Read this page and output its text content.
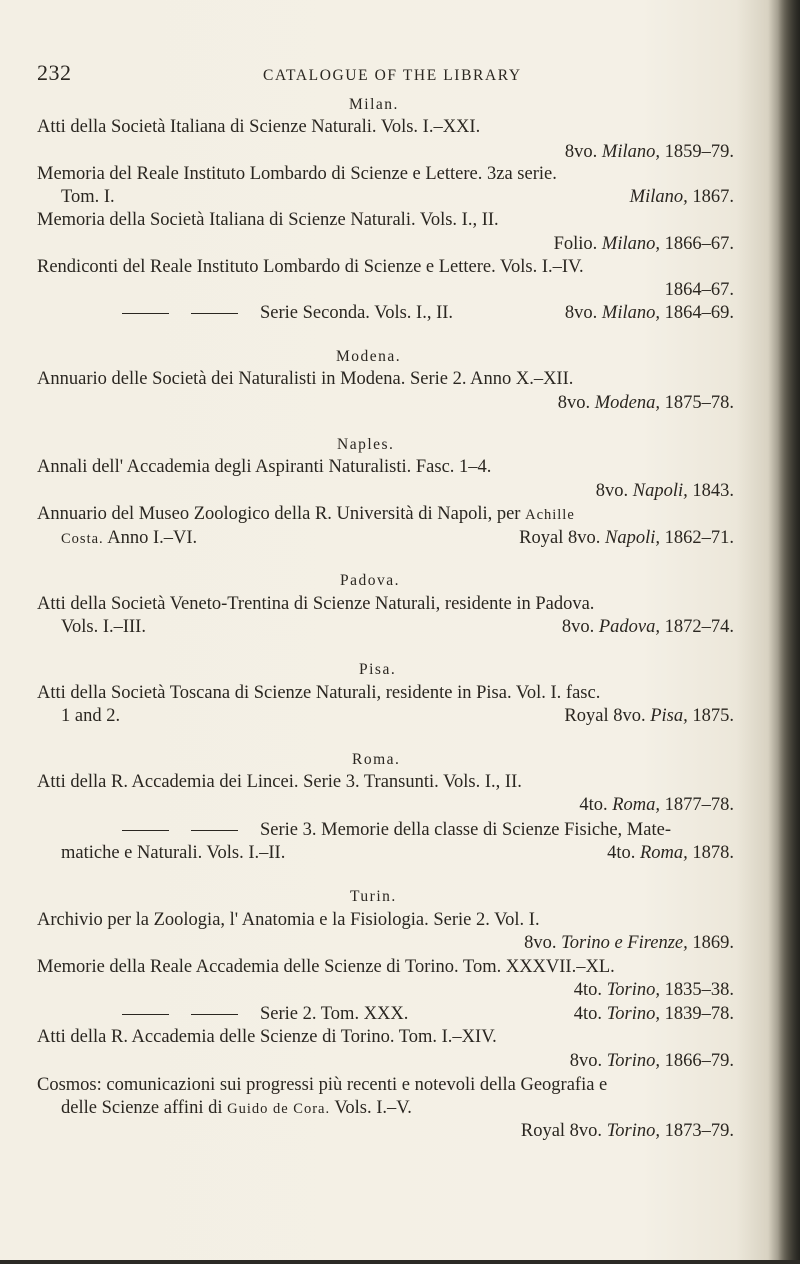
232	CATALOGUE OF THE LIBRARY
Milan.
Atti della Società Italiana di Scienze Naturali. Vols. I.–XXI.
8vo. Milano, 1859–79.
Memoria del Reale Instituto Lombardo di Scienze e Lettere. 3za serie.
Tom. I.	Milano, 1867.
Memoria della Società Italiana di Scienze Naturali. Vols. I., II.
Folio. Milano, 1866–67.
Rendiconti del Reale Instituto Lombardo di Scienze e Lettere. Vols. I.–IV.
1864–67.
Serie Seconda. Vols. I., II.	8vo. Milano, 1864–69.
Modena.
Annuario delle Società dei Naturalisti in Modena. Serie 2. Anno X.–XII.
8vo. Modena, 1875–78.
Naples.
Annali dell' Accademia degli Aspiranti Naturalisti. Fasc. 1–4.
8vo. Napoli, 1843.
Annuario del Museo Zoologico della R. Università di Napoli, per Achille
Costa. Anno I.–VI.	Royal 8vo. Napoli, 1862–71.
Padova.
Atti della Società Veneto-Trentina di Scienze Naturali, residente in Padova.
Vols. I.–III.	8vo. Padova, 1872–74.
Pisa.
Atti della Società Toscana di Scienze Naturali, residente in Pisa. Vol. I. fasc.
1 and 2.	Royal 8vo. Pisa, 1875.
Roma.
Atti della R. Accademia dei Lincei. Serie 3. Transunti. Vols. I., II.
4to. Roma, 1877–78.
Serie 3. Memorie della classe di Scienze Fisiche, Mate-
matiche e Naturali. Vols. I.–II.	4to. Roma, 1878.
Turin.
Archivio per la Zoologia, l' Anatomia e la Fisiologia. Serie 2. Vol. I.
8vo. Torino e Firenze, 1869.
Memorie della Reale Accademia delle Scienze di Torino. Tom. XXXVII.–XL.
4to. Torino, 1835–38.
Serie 2. Tom. XXX.	4to. Torino, 1839–78.
Atti della R. Accademia delle Scienze di Torino. Tom. I.–XIV.
8vo. Torino, 1866–79.
Cosmos: comunicazioni sui progressi più recenti e notevoli della Geografia e
delle Scienze affini di Guido de Cora. Vols. I.–V.
Royal 8vo. Torino, 1873–79.
